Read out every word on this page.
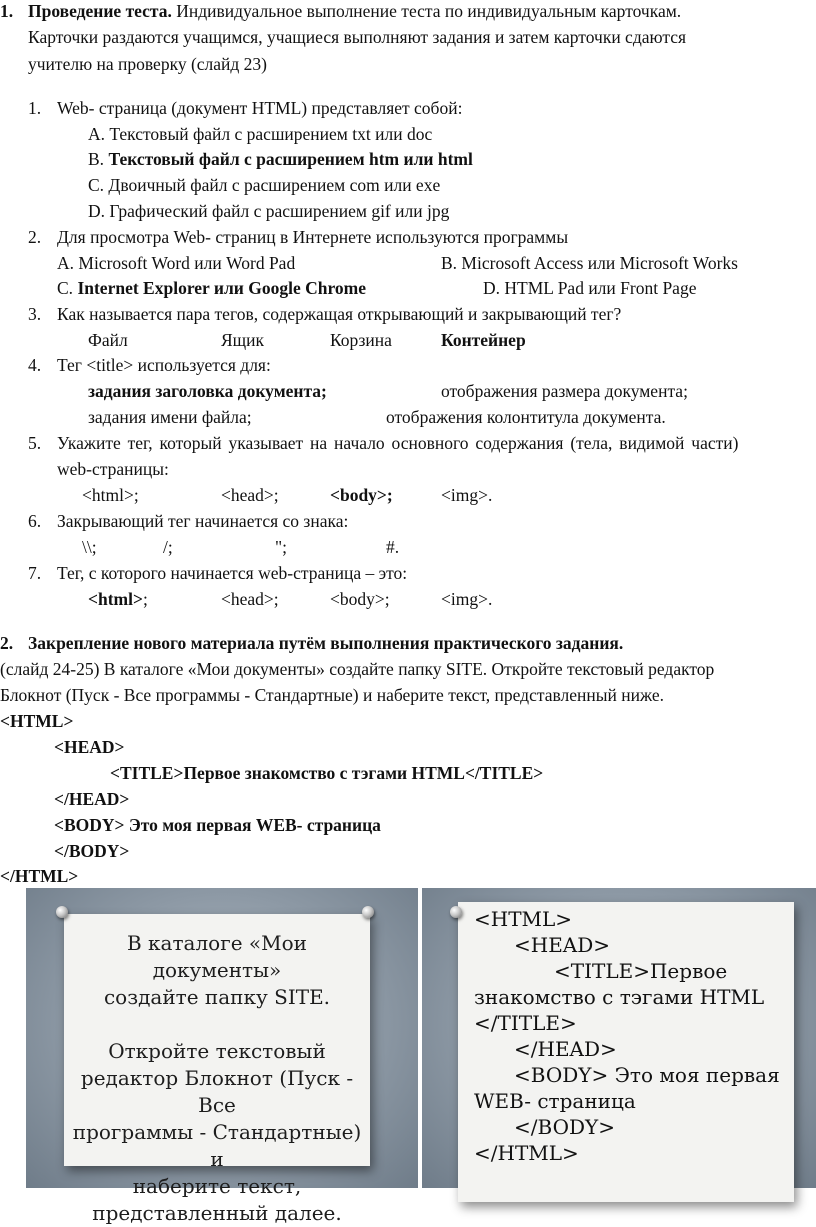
1. Проведение теста. Индивидуальное выполнение теста по индивидуальным карточкам.
Карточки раздаются учащимся, учащиеся выполняют задания и затем карточки сдаются
учителю на проверку (слайд 23)
1. Web- страница (документ HTML) представляет собой:
A. Текстовый файл с расширением txt или doc
B. Текстовый файл с расширением htm или html
C. Двоичный файл с расширением com или exe
D. Графический файл с расширением gif или jpg
2. Для просмотра Web- страниц в Интернете используются программы
A. Microsoft Word или Word Pad	B. Microsoft Access или Microsoft Works
C. Internet Explorer или Google Chrome	D. HTML Pad или Front Page
3. Как называется пара тегов, содержащая открывающий и закрывающий тег?
Файл	Ящик	Корзина	Контейнер
4. Тег <title> используется для:
задания заголовка документа;	отображения размера документа;
задания имени файла;	отображения колонтитула документа.
5. Укажите тег, который указывает на начало основного содержания (тела, видимой части)
web-страницы:
<html>;	<head>;	<body>;	<img>.
6. Закрывающий тег начинается со знака:
\\;	/;	";	#.
7. Тег, с которого начинается web-страница – это:
<html>;	<head>;	<body>;	<img>.
2. Закрепление нового материала путём выполнения практического задания.
(слайд 24-25) В каталоге «Мои документы» создайте папку SITE. Откройте текстовый редактор
Блокнот (Пуск - Все программы - Стандартные) и наберите текст, представленный ниже.
<HTML>
<HEAD>
<TITLE>Первое знакомство с тэгами HTML</TITLE>
</HEAD>
<BODY> Это моя первая WEB- страница
</BODY>
</HTML>

В каталоге «Мои документы»

создайте папку SITE.

Откройте текстовый

редактор Блокнот (Пуск - Все

программы - Стандартные) и

наберите текст,

представленный далее.

<HTML>
<HEAD>
<TITLE>Первое
знакомство с тэгами HTML
</TITLE>
</HEAD>
<BODY> Это моя первая
WEB- страница
</BODY>
</HTML>
